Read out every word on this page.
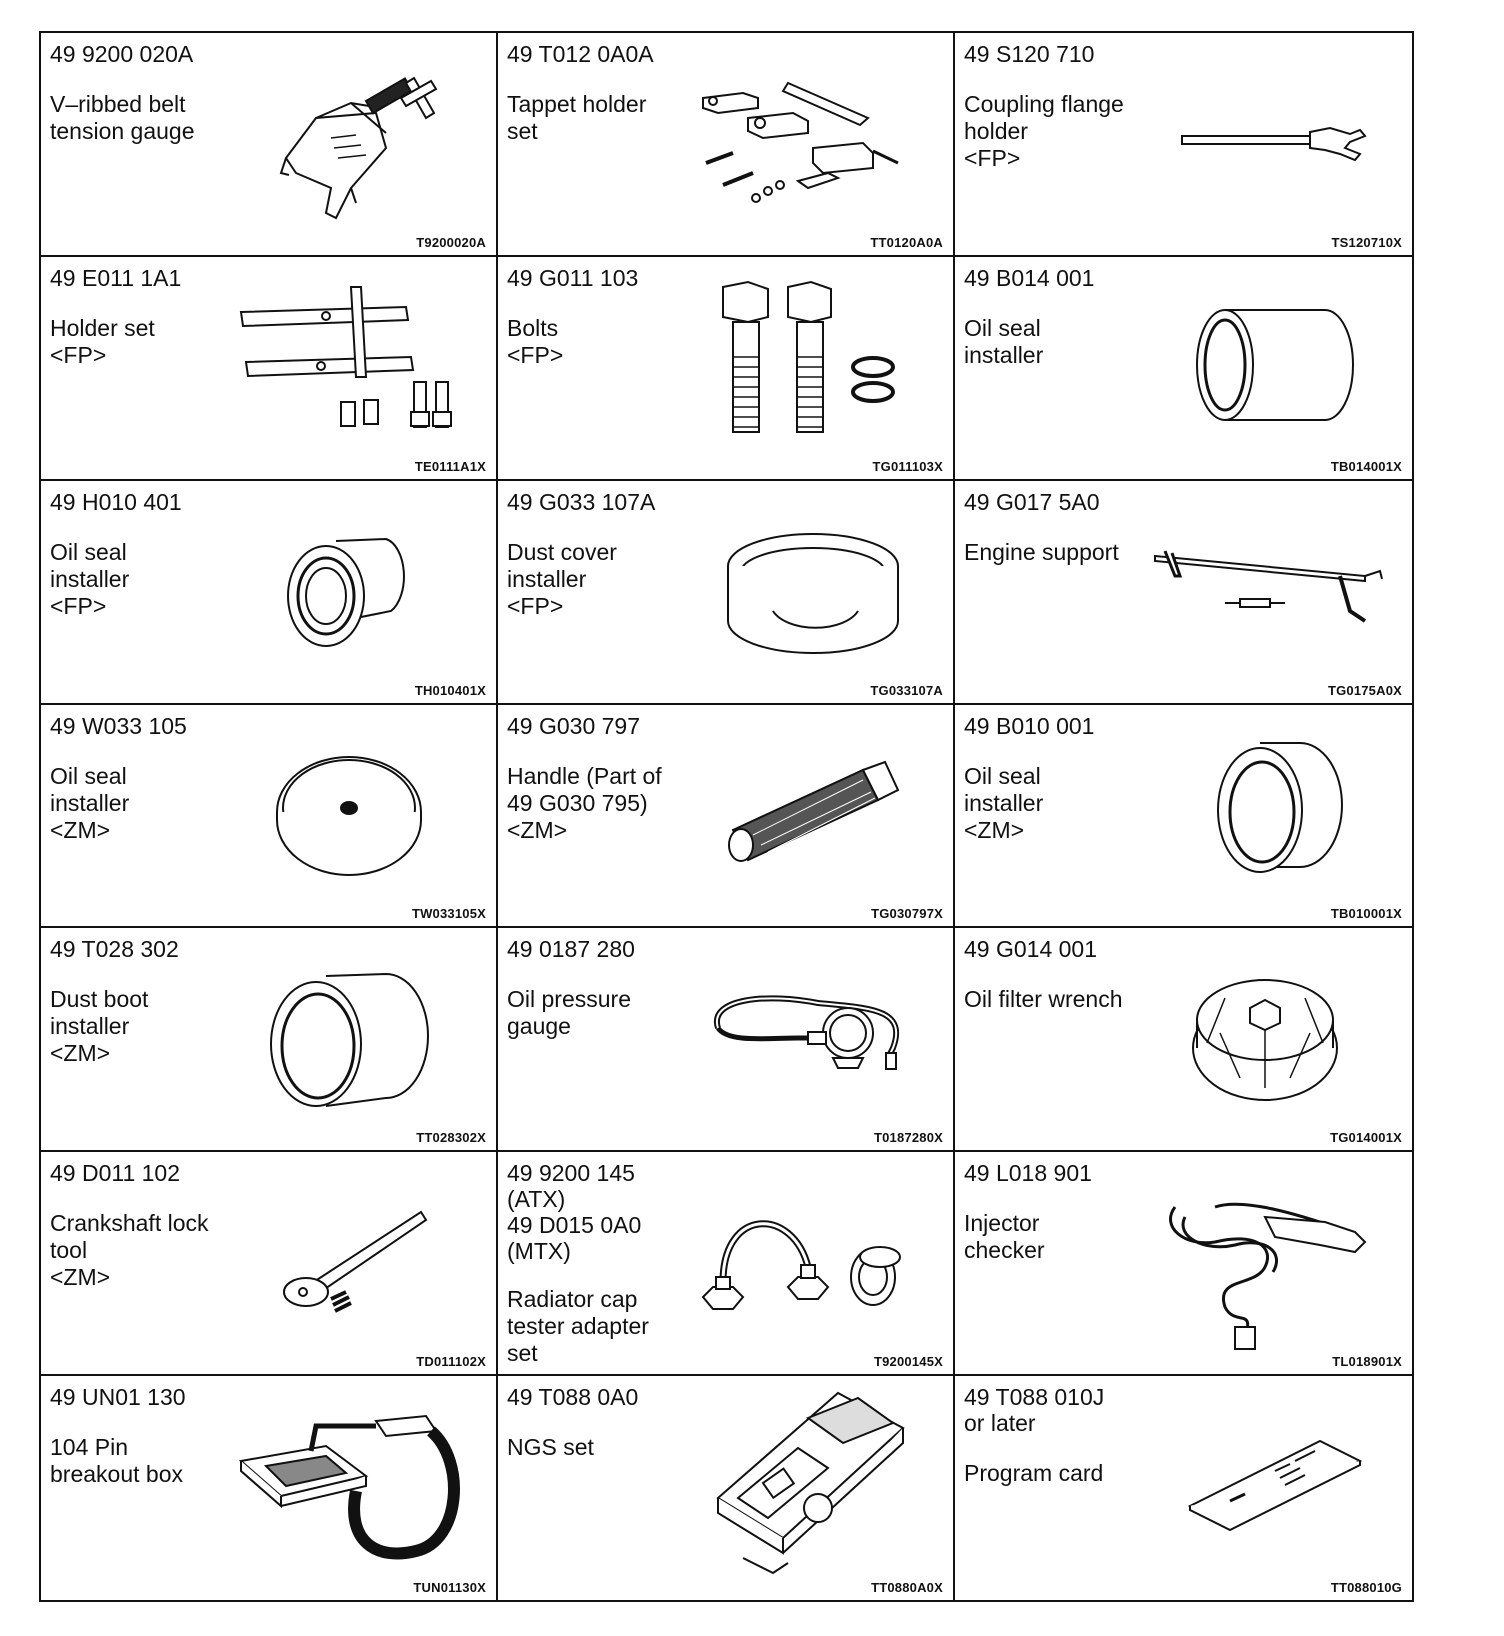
49 9200 020A
V–ribbed belt
tension gauge
T9200020A
49 T012 0A0A
Tappet holder
set
TT0120A0A
49 S120 710
Coupling flange
holder
<FP>
TS120710X
49 E011 1A1
Holder set
<FP>
TE0111A1X
49 G011 103
Bolts
<FP>
TG011103X
49 B014 001
Oil seal
installer
TB014001X
49 H010 401
Oil seal
installer
<FP>
TH010401X
49 G033 107A
Dust cover
installer
<FP>
TG033107A
49 G017 5A0
Engine support
TG0175A0X
49 W033 105
Oil seal
installer
<ZM>
TW033105X
49 G030 797
Handle (Part of
49 G030 795)
<ZM>
TG030797X
49 B010 001
Oil seal
installer
<ZM>
TB010001X
49 T028 302
Dust boot
installer
<ZM>
TT028302X
49 0187 280
Oil pressure
gauge
T0187280X
49 G014 001
Oil filter wrench
TG014001X
49 D011 102
Crankshaft lock
tool
<ZM>
TD011102X
49 9200 145
(ATX)
49 D015 0A0
(MTX)
Radiator cap
tester adapter
set	T9200145X
49 L018 901
Injector
checker
TL018901X
49 UN01 130
104 Pin
breakout box
TUN01130X
49 T088 0A0
NGS set
TT0880A0X
49 T088 010J
or later
Program card
TT088010G
